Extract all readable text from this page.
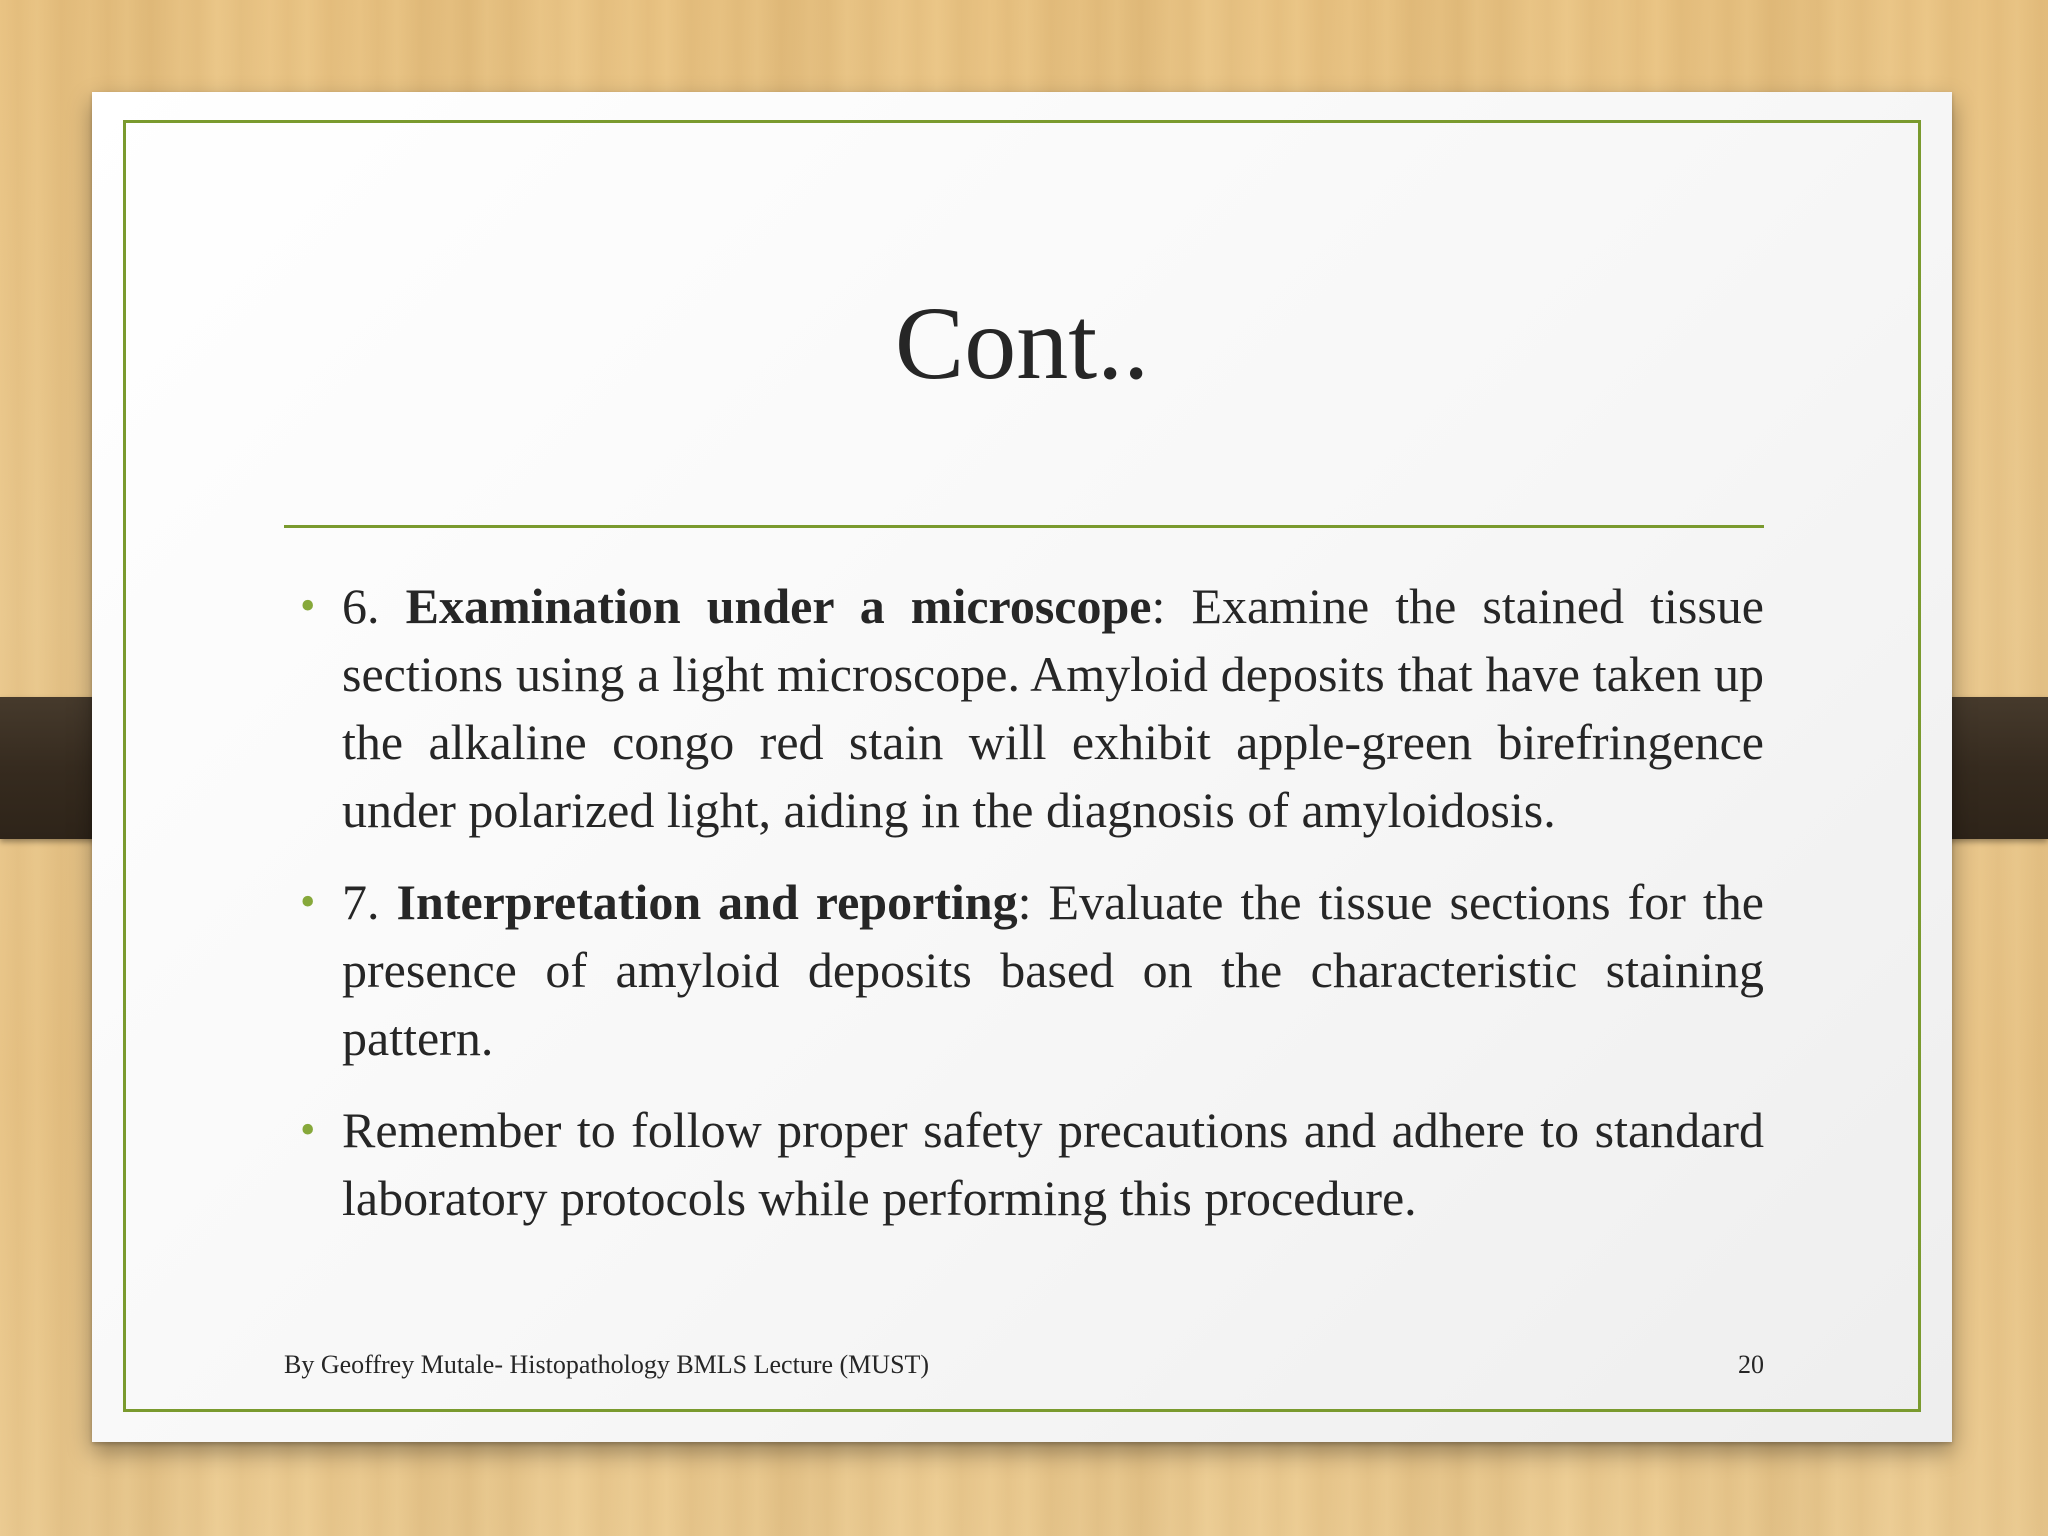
Cont..
• 6. Examination under a microscope: Examine the stained tissue sections using a light microscope. Amyloid deposits that have taken up the alkaline congo red stain will exhibit apple-green birefringence under polarized light, aiding in the diagnosis of amyloidosis.
• 7. Interpretation and reporting: Evaluate the tissue sections for the presence of amyloid deposits based on the characteristic staining pattern.
• Remember to follow proper safety precautions and adhere to standard laboratory protocols while performing this procedure.
By Geoffrey Mutale- Histopathology BMLS Lecture (MUST)	20
